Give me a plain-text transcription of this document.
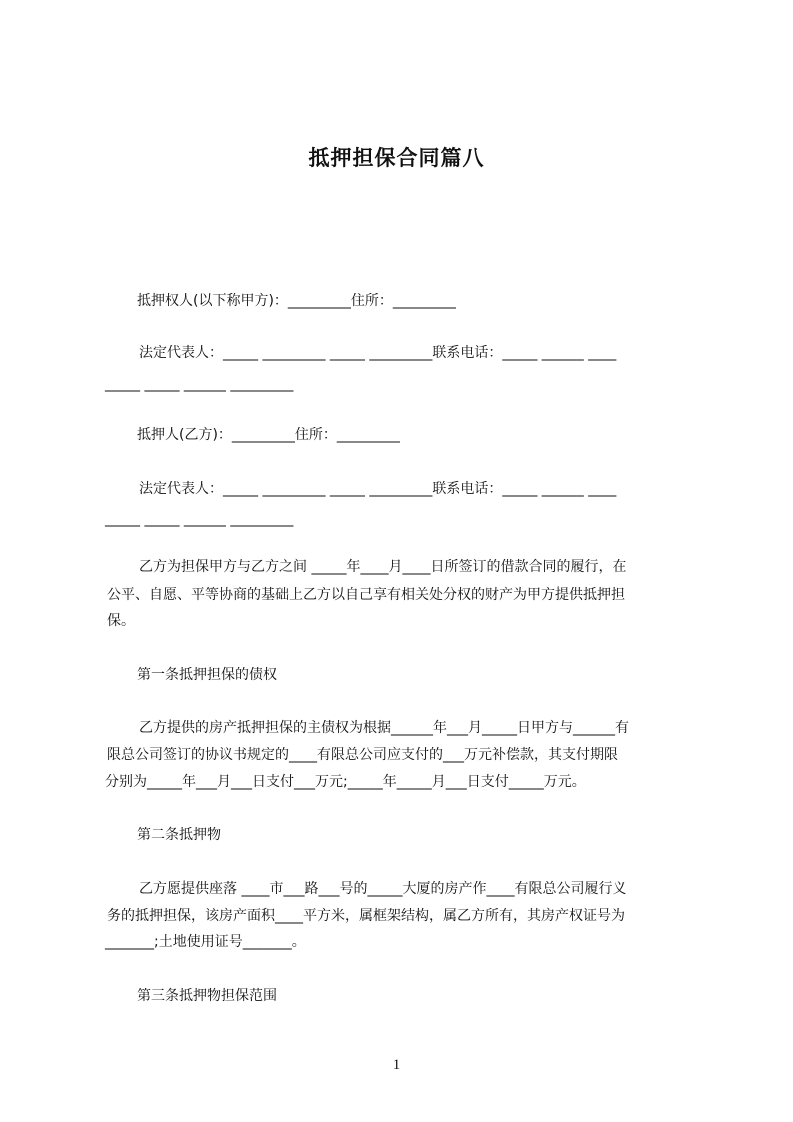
抵押担保合同篇八
抵押权人(以下称甲方)：_________住所：_________
法定代表人：_____ _________ _____ _________联系电话：_____ ______ ____
_____ _____ ______ _________
抵押人(乙方)：_________住所：_________
法定代表人：_____ _________ _____ _________联系电话：_____ ______ ____
_____ _____ ______ _________
乙方为担保甲方与乙方之间 _____年____月____日所签订的借款合同的履行，在
公平、自愿、平等协商的基础上乙方以自己享有相关处分权的财产为甲方提供抵押担
保。
第一条抵押担保的债权
乙方提供的房产抵押担保的主债权为根据______年___月_____日甲方与______有
限总公司签订的协议书规定的____有限总公司应支付的___万元补偿款，其支付期限
分别为_____年___月___日支付___万元;_____年_____月___日支付_____万元。
第二条抵押物
乙方愿提供座落 ____市___路___号的_____大厦的房产作____有限总公司履行义
务的抵押担保，该房产面积____平方米，属框架结构，属乙方所有，其房产权证号为
_______;土地使用证号_______。
第三条抵押物担保范围
1
